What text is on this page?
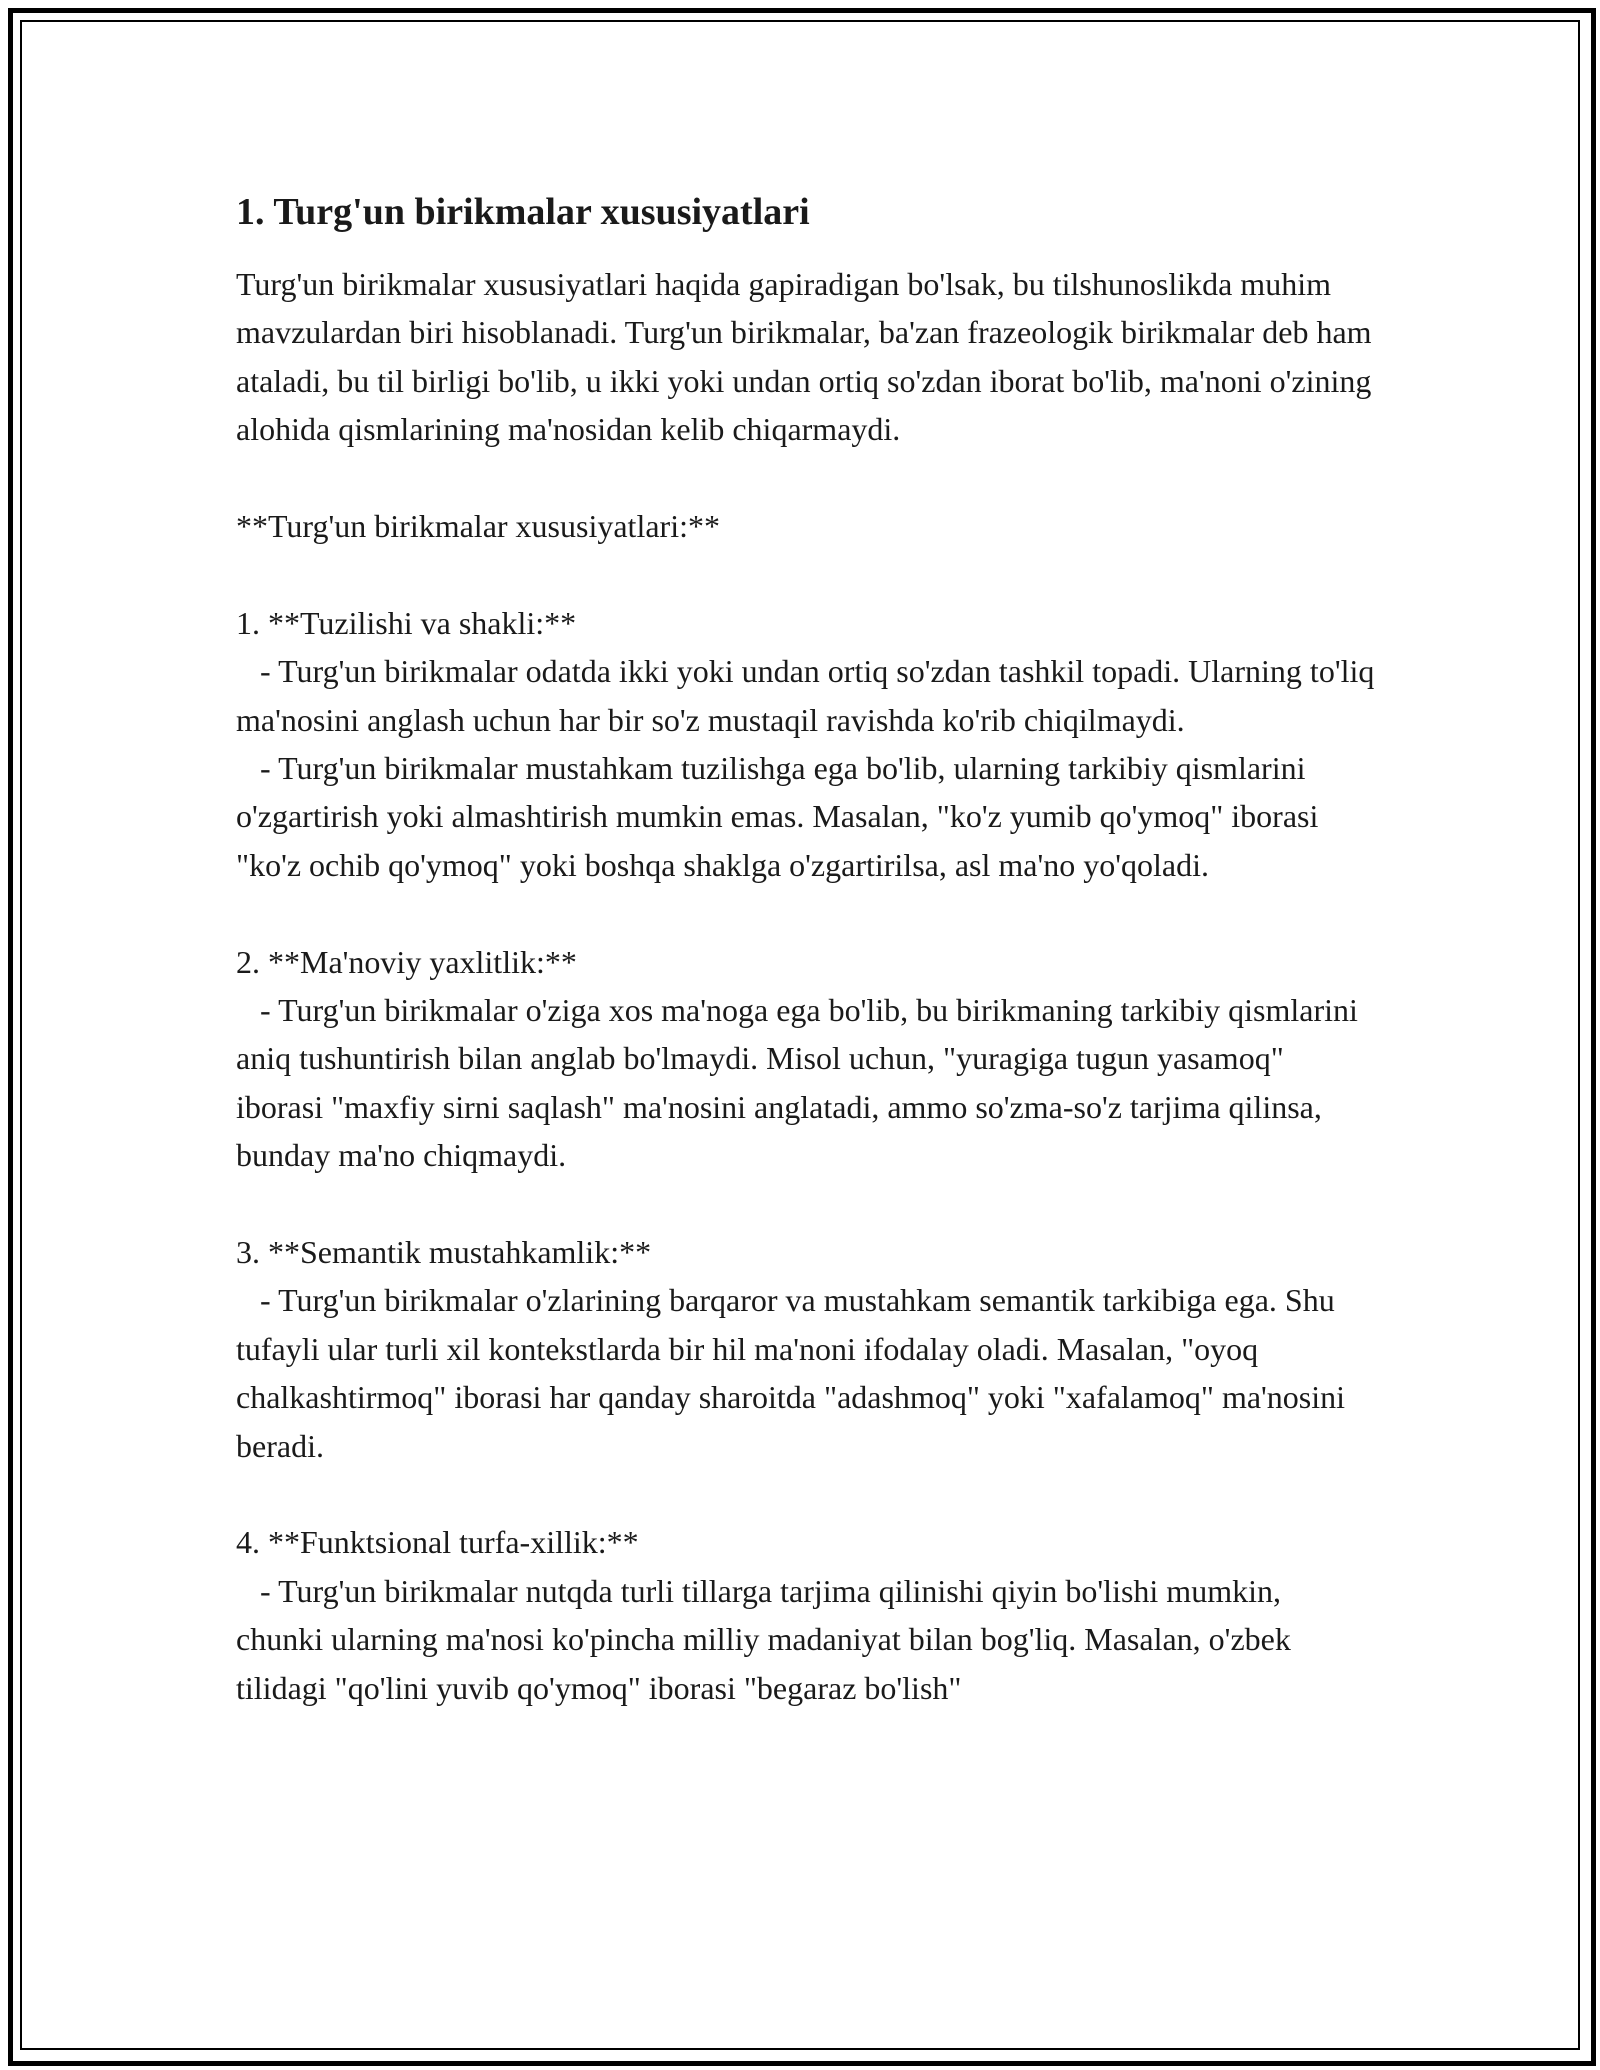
1. Turg'un birikmalar xususiyatlari

Turg'un birikmalar xususiyatlari haqida gapiradigan bo'lsak, bu tilshunoslikda muhim mavzulardan biri hisoblanadi. Turg'un birikmalar, ba'zan frazeologik birikmalar deb ham ataladi, bu til birligi bo'lib, u ikki yoki undan ortiq so'zdan iborat bo'lib, ma'noni o'zining alohida qismlarining ma'nosidan kelib chiqarmaydi.

**Turg'un birikmalar xususiyatlari:**

1. **Tuzilishi va shakli:**

- Turg'un birikmalar odatda ikki yoki undan ortiq so'zdan tashkil topadi. Ularning to'liq ma'nosini anglash uchun har bir so'z mustaqil ravishda ko'rib chiqilmaydi.

- Turg'un birikmalar mustahkam tuzilishga ega bo'lib, ularning tarkibiy qismlarini o'zgartirish yoki almashtirish mumkin emas. Masalan, "ko'z yumib qo'ymoq" iborasi "ko'z ochib qo'ymoq" yoki boshqa shaklga o'zgartirilsa, asl ma'no yo'qoladi.

2. **Ma'noviy yaxlitlik:**

- Turg'un birikmalar o'ziga xos ma'noga ega bo'lib, bu birikmaning tarkibiy qismlarini aniq tushuntirish bilan anglab bo'lmaydi. Misol uchun, "yuragiga tugun yasamoq" iborasi "maxfiy sirni saqlash" ma'nosini anglatadi, ammo so'zma-so'z tarjima qilinsa, bunday ma'no chiqmaydi.

3. **Semantik mustahkamlik:**

- Turg'un birikmalar o'zlarining barqaror va mustahkam semantik tarkibiga ega. Shu tufayli ular turli xil kontekstlarda bir hil ma'noni ifodalay oladi. Masalan, "oyoq chalkashtirmoq" iborasi har qanday sharoitda "adashmoq" yoki "xafalamoq" ma'nosini beradi.

4. **Funktsional turfa-xillik:**

- Turg'un birikmalar nutqda turli tillarga tarjima qilinishi qiyin bo'lishi mumkin, chunki ularning ma'nosi ko'pincha milliy madaniyat bilan bog'liq. Masalan, o'zbek tilidagi "qo'lini yuvib qo'ymoq" iborasi "begaraz bo'lish"
